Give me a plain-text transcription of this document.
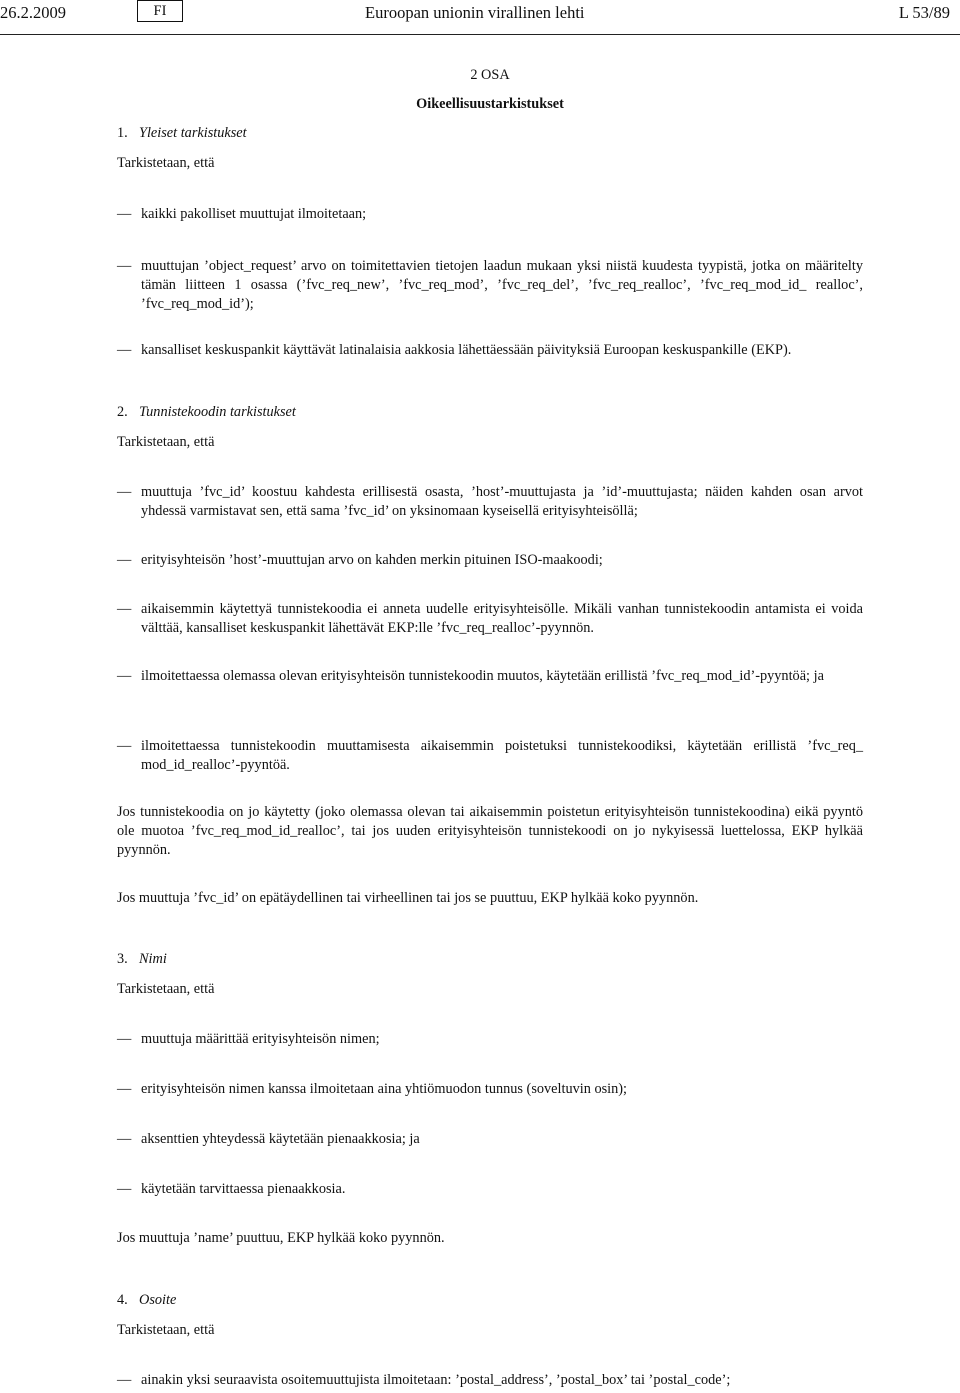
26.2.2009	FI	Euroopan unionin virallinen lehti	L 53/89
2 OSA
Oikeellisuustarkistukset
1. Yleiset tarkistukset
Tarkistetaan, että
— kaikki pakolliset muuttujat ilmoitetaan;
— muuttujan ’object_request’ arvo on toimitettavien tietojen laadun mukaan yksi niistä kuudesta tyypistä, jotka on määritelty tämän liitteen 1 osassa (’fvc_req_new’, ’fvc_req_mod’, ’fvc_req_del’, ’fvc_req_realloc’, ’fvc_req_mod_id_ realloc’, ’fvc_req_mod_id’);
— kansalliset keskuspankit käyttävät latinalaisia aakkosia lähettäessään päivityksiä Euroopan keskuspankille (EKP).
2. Tunnistekoodin tarkistukset
Tarkistetaan, että
— muuttuja ’fvc_id’ koostuu kahdesta erillisestä osasta, ’host’-muuttujasta ja ’id’-muuttujasta; näiden kahden osan arvot yhdessä varmistavat sen, että sama ’fvc_id’ on yksinomaan kyseisellä erityisyhteisöllä;
— erityisyhteisön ’host’-muuttujan arvo on kahden merkin pituinen ISO-maakoodi;
— aikaisemmin käytettyä tunnistekoodia ei anneta uudelle erityisyhteisölle. Mikäli vanhan tunnistekoodin antamista ei voida välttää, kansalliset keskuspankit lähettävät EKP:lle ’fvc_req_realloc’-pyynnön.
— ilmoitettaessa olemassa olevan erityisyhteisön tunnistekoodin muutos, käytetään erillistä ’fvc_req_mod_id’-pyyntöä; ja
— ilmoitettaessa tunnistekoodin muuttamisesta aikaisemmin poistetuksi tunnistekoodiksi, käytetään erillistä ’fvc_req_ mod_id_realloc’-pyyntöä.
Jos tunnistekoodia on jo käytetty (joko olemassa olevan tai aikaisemmin poistetun erityisyhteisön tunnistekoodina) eikä pyyntö ole muotoa ’fvc_req_mod_id_realloc’, tai jos uuden erityisyhteisön tunnistekoodi on jo nykyisessä luettelossa, EKP hylkää pyynnön.
Jos muuttuja ’fvc_id’ on epätäydellinen tai virheellinen tai jos se puuttuu, EKP hylkää koko pyynnön.
3. Nimi
Tarkistetaan, että
— muuttuja määrittää erityisyhteisön nimen;
— erityisyhteisön nimen kanssa ilmoitetaan aina yhtiömuodon tunnus (soveltuvin osin);
— aksenttien yhteydessä käytetään pienaakkosia; ja
— käytetään tarvittaessa pienaakkosia.
Jos muuttuja ’name’ puuttuu, EKP hylkää koko pyynnön.
4. Osoite
Tarkistetaan, että
— ainakin yksi seuraavista osoitemuuttujista ilmoitetaan: ’postal_address’, ’postal_box’ tai ’postal_code’;
